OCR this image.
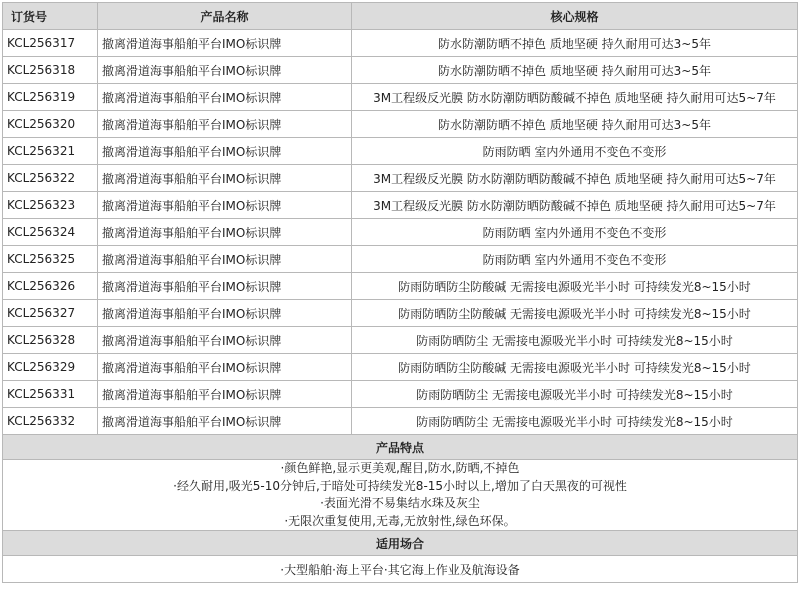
订货号	产品名称	核心规格
KCL256317	撤离滑道海事船舶平台IMO标识牌	防水防潮防晒不掉色 质地坚硬 持久耐用可达3~5年
KCL256318	撤离滑道海事船舶平台IMO标识牌	防水防潮防晒不掉色 质地坚硬 持久耐用可达3~5年
KCL256319	撤离滑道海事船舶平台IMO标识牌	3M工程级反光膜 防水防潮防晒防酸碱不掉色 质地坚硬 持久耐用可达5~7年
KCL256320	撤离滑道海事船舶平台IMO标识牌	防水防潮防晒不掉色 质地坚硬 持久耐用可达3~5年
KCL256321	撤离滑道海事船舶平台IMO标识牌	防雨防晒 室内外通用不变色不变形
KCL256322	撤离滑道海事船舶平台IMO标识牌	3M工程级反光膜 防水防潮防晒防酸碱不掉色 质地坚硬 持久耐用可达5~7年
KCL256323	撤离滑道海事船舶平台IMO标识牌	3M工程级反光膜 防水防潮防晒防酸碱不掉色 质地坚硬 持久耐用可达5~7年
KCL256324	撤离滑道海事船舶平台IMO标识牌	防雨防晒 室内外通用不变色不变形
KCL256325	撤离滑道海事船舶平台IMO标识牌	防雨防晒 室内外通用不变色不变形
KCL256326	撤离滑道海事船舶平台IMO标识牌	防雨防晒防尘防酸碱 无需接电源吸光半小时 可持续发光8~15小时
KCL256327	撤离滑道海事船舶平台IMO标识牌	防雨防晒防尘防酸碱 无需接电源吸光半小时 可持续发光8~15小时
KCL256328	撤离滑道海事船舶平台IMO标识牌	防雨防晒防尘 无需接电源吸光半小时 可持续发光8~15小时
KCL256329	撤离滑道海事船舶平台IMO标识牌	防雨防晒防尘防酸碱 无需接电源吸光半小时 可持续发光8~15小时
KCL256331	撤离滑道海事船舶平台IMO标识牌	防雨防晒防尘 无需接电源吸光半小时 可持续发光8~15小时
KCL256332	撤离滑道海事船舶平台IMO标识牌	防雨防晒防尘 无需接电源吸光半小时 可持续发光8~15小时
产品特点		

·颜色鲜艳,显示更美观,醒目,防水,防晒,不掉色
·经久耐用,吸光5-10分钟后,于暗处可持续发光8-15小时以上,增加了白天黑夜的可视性
·表面光滑不易集结水珠及灰尘
·无限次重复使用,无毒,无放射性,绿色环保。		

适用场合		
·大型船舶·海上平台·其它海上作业及航海设备		
